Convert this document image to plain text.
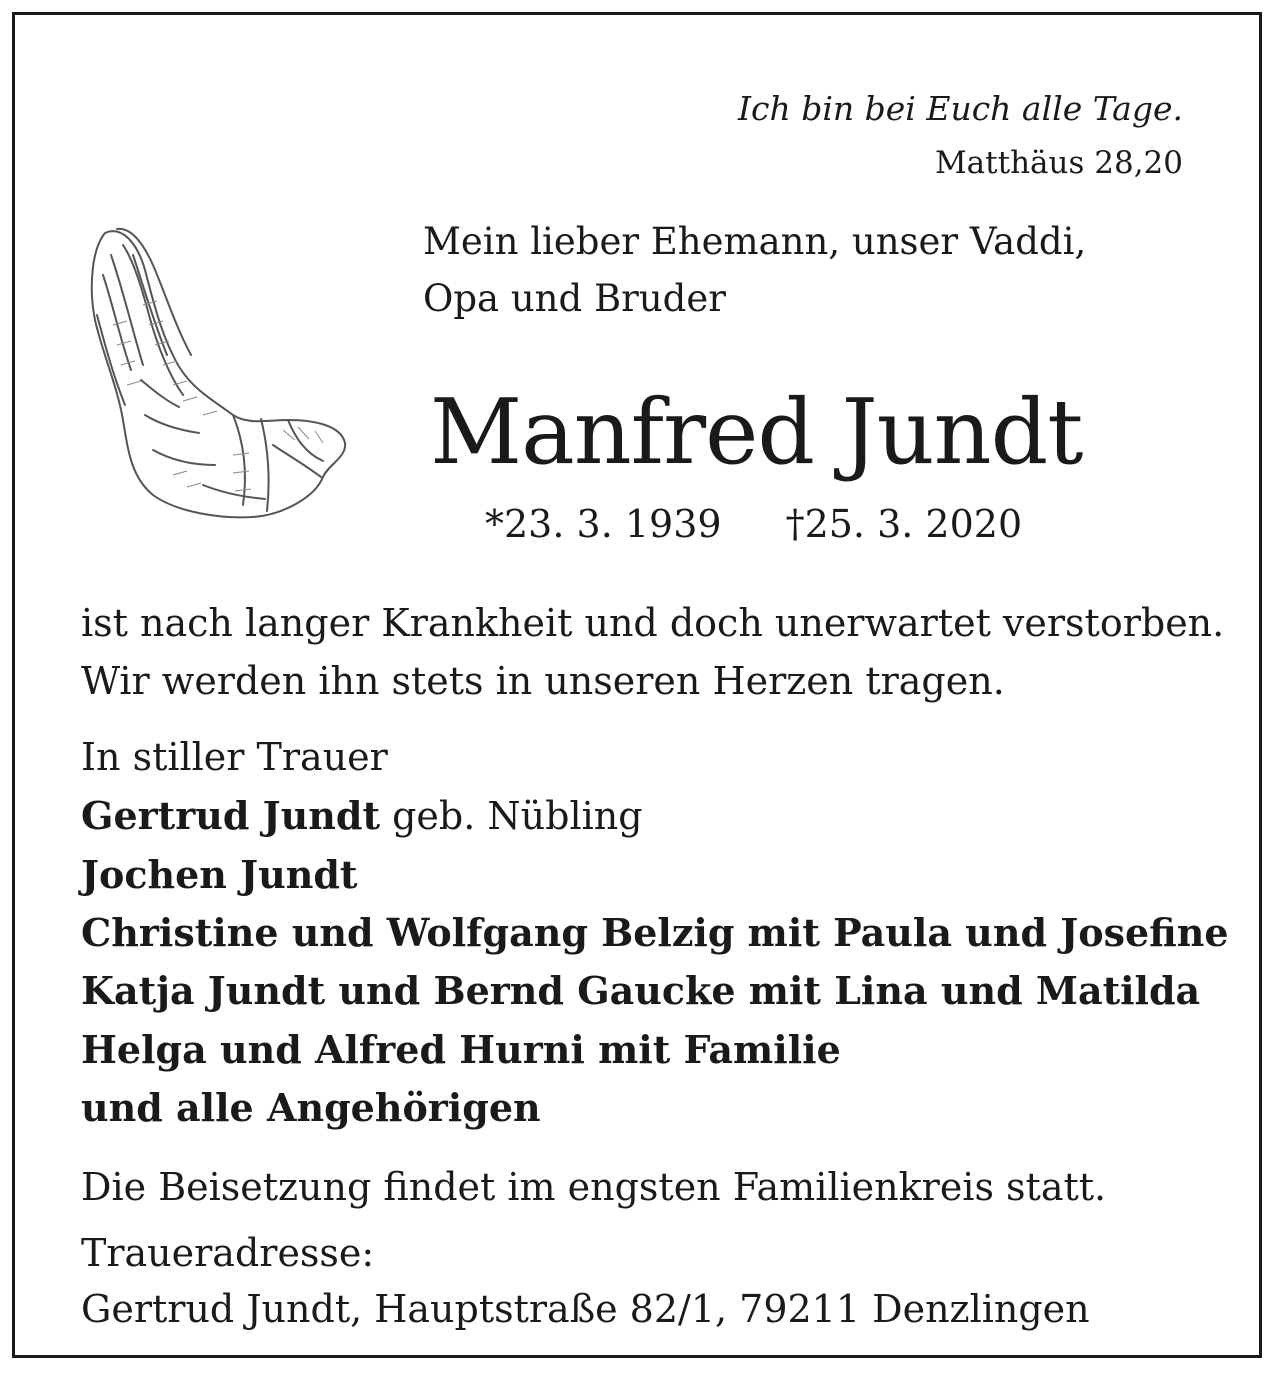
Ich bin bei Euch alle Tage.
Matthäus 28,20
Mein lieber Ehemann, unser Vaddi,
Opa und Bruder
Manfred Jundt
*23. 3. 1939 †25. 3. 2020
ist nach langer Krankheit und doch unerwartet verstorben.
Wir werden ihn stets in unseren Herzen tragen.
In stiller Trauer
Gertrud Jundt geb. Nübling
Jochen Jundt
Christine und Wolfgang Belzig mit Paula und Josefine
Katja Jundt und Bernd Gaucke mit Lina und Matilda
Helga und Alfred Hurni mit Familie
und alle Angehörigen
Die Beisetzung findet im engsten Familienkreis statt.
Traueradresse:
Gertrud Jundt, Hauptstraße 82/1, 79211 Denzlingen
